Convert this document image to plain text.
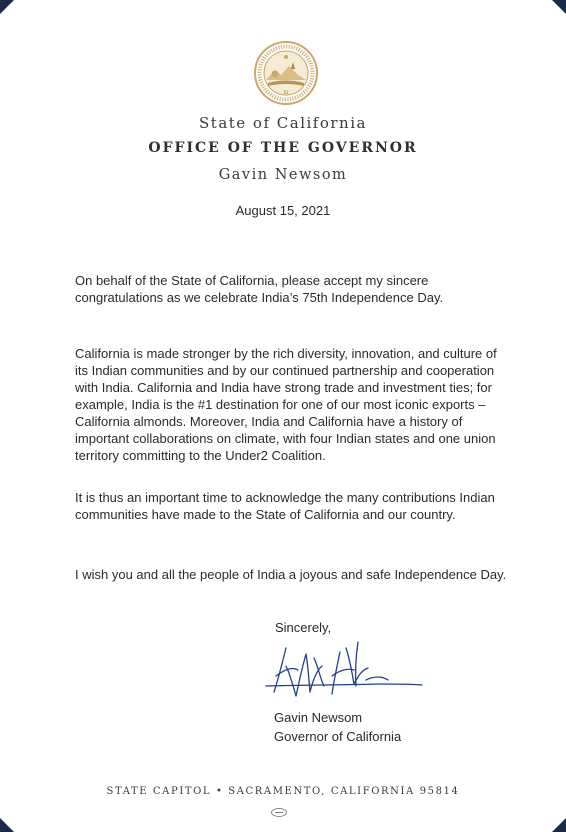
XI
State of California
OFFICE OF THE GOVERNOR
Gavin Newsom
August 15, 2021

On behalf of the State of California, please accept my sincere congratulations as we celebrate India’s 75th Independence Day.

California is made stronger by the rich diversity, innovation, and culture of its Indian communities and by our continued partnership and cooperation with India. California and India have strong trade and investment ties; for example, India is the #1 destination for one of our most iconic exports – California almonds. Moreover, India and California have a history of important collaborations on climate, with four Indian states and one union territory committing to the Under2 Coalition.

It is thus an important time to acknowledge the many contributions Indian communities have made to the State of California and our country.

I wish you and all the people of India a joyous and safe Independence Day.

Sincerely,
Gavin Newsom
Governor of California
STATE CAPITOL • SACRAMENTO, CALIFORNIA 95814
